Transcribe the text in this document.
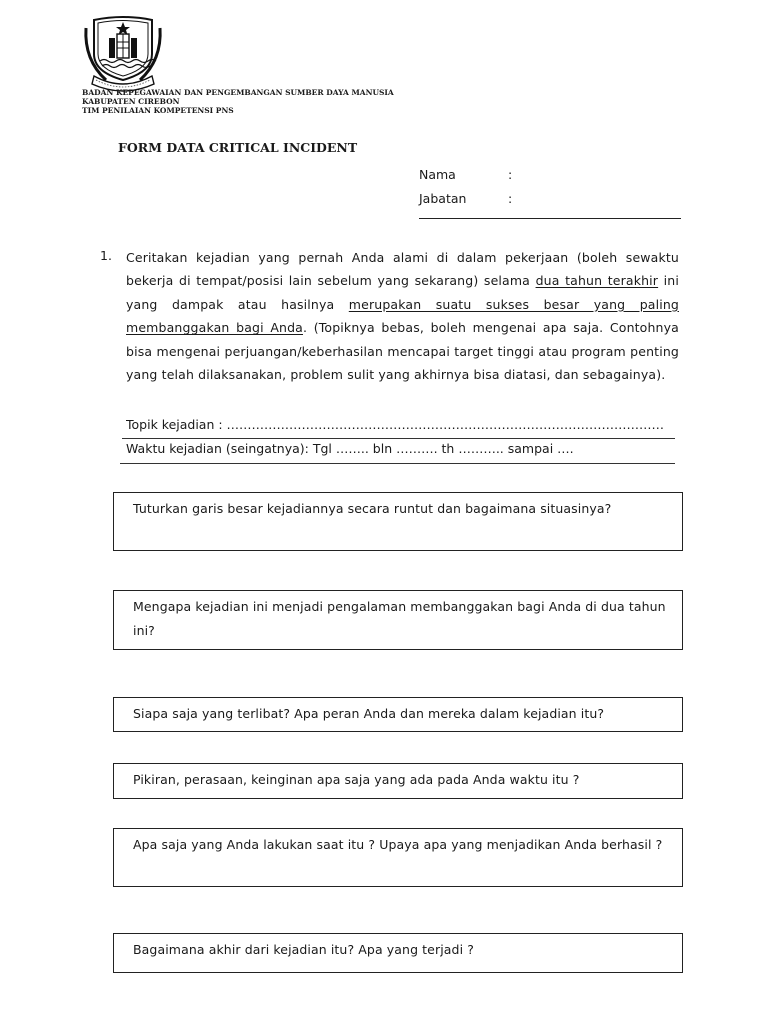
BADAN KEPEGAWAIAN DAN PENGEMBANGAN SUMBER DAYA MANUSIA
KABUPATEN CIREBON
TIM PENILAIAN KOMPETENSI PNS
FORM DATA CRITICAL INCIDENT
Nama	:
Jabatan	:
1. Ceritakan kejadian yang pernah Anda alami di dalam pekerjaan (boleh sewaktu bekerja di tempat/posisi lain sebelum yang sekarang) selama dua tahun terakhir ini yang dampak atau hasilnya merupakan suatu sukses besar yang paling membanggakan bagi Anda. (Topiknya bebas, boleh mengenai apa saja. Contohnya bisa mengenai perjuangan/keberhasilan mencapai target tinggi atau program penting yang telah dilaksanakan, problem sulit yang akhirnya bisa diatasi, dan sebagainya).
Topik kejadian : ……………………………………………………………………………………………
Waktu kejadian (seingatnya): Tgl …….. bln ………. th ……….. sampai ….
Tuturkan garis besar kejadiannya secara runtut dan bagaimana situasinya?
Mengapa kejadian ini menjadi pengalaman membanggakan bagi Anda di dua tahun ini?
Siapa saja yang terlibat? Apa peran Anda dan mereka dalam kejadian itu?
Pikiran, perasaan, keinginan apa saja yang ada pada Anda waktu itu ?
Apa saja yang Anda lakukan saat itu ? Upaya apa yang menjadikan Anda berhasil ?
Bagaimana akhir dari kejadian itu? Apa yang terjadi ?
